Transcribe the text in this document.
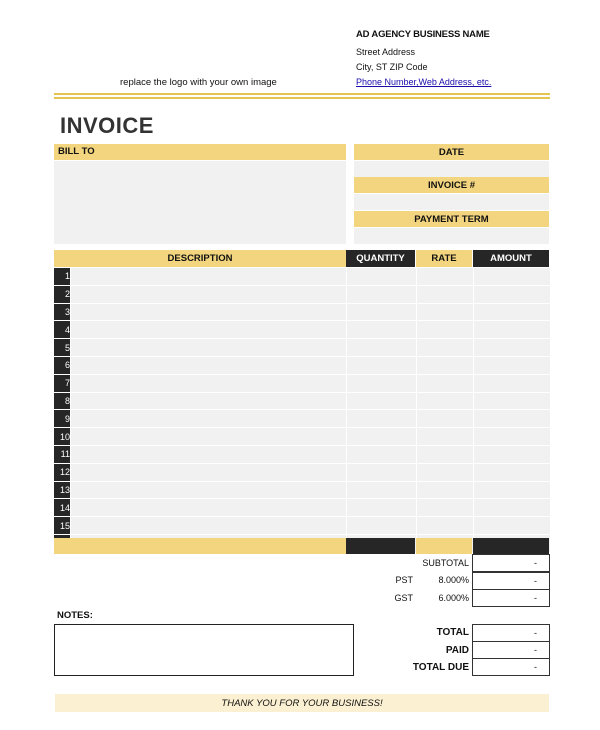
AD AGENCY BUSINESS NAME
Street Address
City, ST ZIP Code
Phone Number,Web Address, etc.
replace the logo with your own image
INVOICE
BILL TO	DATE
INVOICE #
PAYMENT TERM
DESCRIPTION	QUANTITY	RATE	AMOUNT
1				
2				
3				
4				
5				
6				
7				
8				
9				
10				
11				
12				
13				
14				
15				

SUBTOTAL	-
PST	8.000%	-
GST	6.000%	-
TOTAL	-
PAID	-
TOTAL DUE	-
NOTES:
THANK YOU FOR YOUR BUSINESS!
